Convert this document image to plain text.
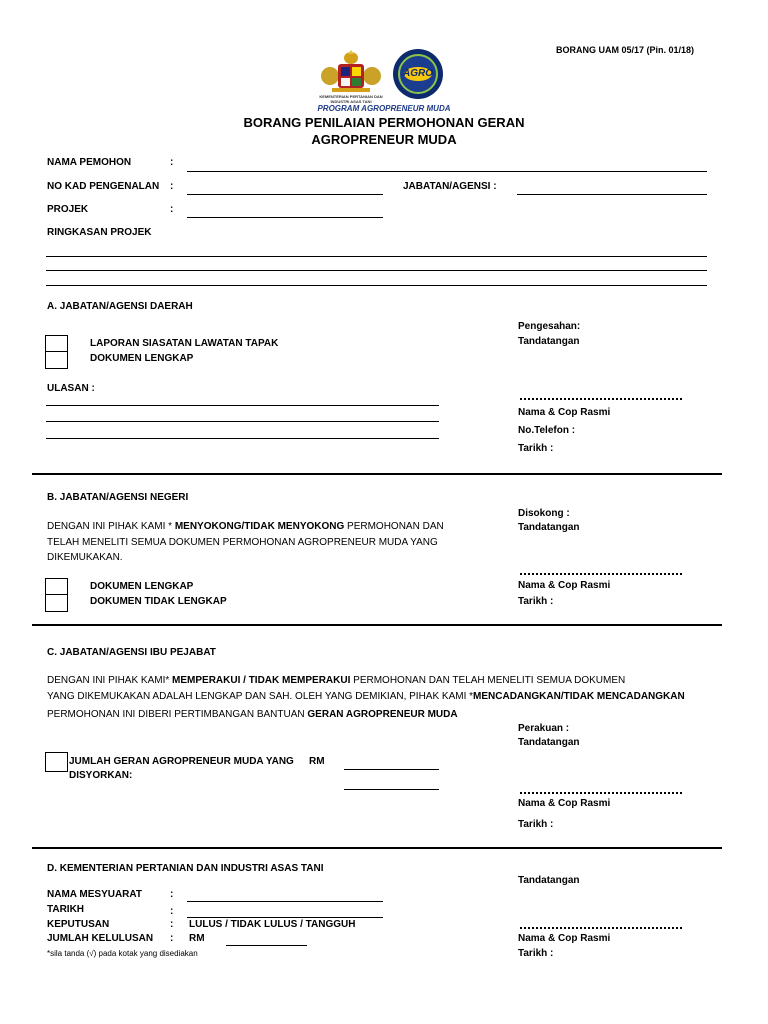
BORANG UAM 05/17 (Pin. 01/18)
KEMENTERIAN PERTANIAN DAN INDUSTRI ASAS TANI
AGRO
PROGRAM AGROPRENEUR MUDA
BORANG PENILAIAN PERMOHONAN GERAN
AGROPRENEUR MUDA
NAMA PEMOHON	:
NO KAD PENGENALAN :	JABATAN/AGENSI :
PROJEK	:
RINGKASAN PROJEK
A. JABATAN/AGENSI DAERAH
LAPORAN SIASATAN LAWATAN TAPAK
DOKUMEN LENGKAP
ULASAN :
Pengesahan:
Tandatangan
Nama & Cop Rasmi
No.Telefon :
Tarikh :
B. JABATAN/AGENSI NEGERI
DENGAN INI PIHAK KAMI * MENYOKONG/TIDAK MENYOKONG PERMOHONAN DAN
TELAH MENELITI SEMUA DOKUMEN PERMOHONAN AGROPRENEUR MUDA YANG
DIKEMUKAKAN.
DOKUMEN LENGKAP
DOKUMEN TIDAK LENGKAP
Disokong :
Tandatangan
Nama & Cop Rasmi
Tarikh :
C. JABATAN/AGENSI IBU PEJABAT
DENGAN INI PIHAK KAMI* MEMPERAKUI / TIDAK MEMPERAKUI PERMOHONAN DAN TELAH MENELITI SEMUA DOKUMEN
YANG DIKEMUKAKAN ADALAH LENGKAP DAN SAH. OLEH YANG DEMIKIAN, PIHAK KAMI *MENCADANGKAN/TIDAK MENCADANGKAN
PERMOHONAN INI DIBERI PERTIMBANGAN BANTUAN GERAN AGROPRENEUR MUDA
JUMLAH GERAN AGROPRENEUR MUDA YANG RM
DISYORKAN:
Perakuan :
Tandatangan
Nama & Cop Rasmi
Tarikh :
D. KEMENTERIAN PERTANIAN DAN INDUSTRI ASAS TANI
NAMA MESYUARAT	:
TARIKH	:
KEPUTUSAN	: LULUS / TIDAK LULUS / TANGGUH
JUMLAH KELULUSAN : RM
*sila tanda (√) pada kotak yang disediakan
Tandatangan
Nama & Cop Rasmi
Tarikh :
